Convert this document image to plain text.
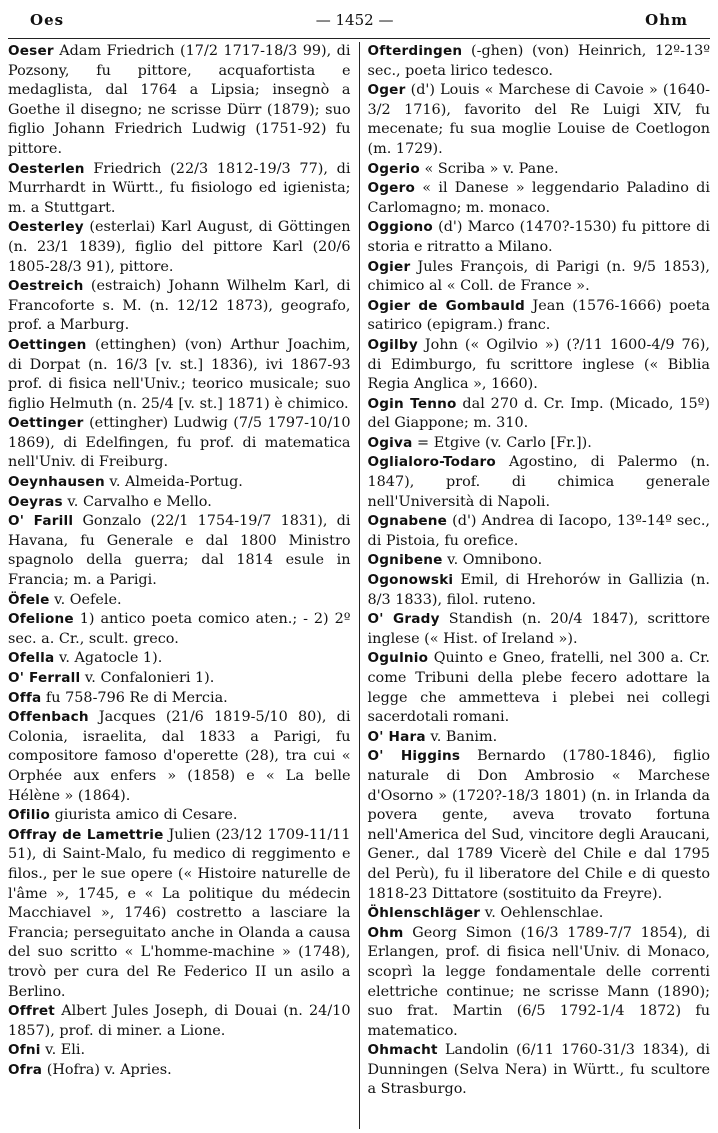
Oes	— 1452 —	Ohm

Oeser Adam Friedrich (17/2 1717-18/3 99), di Pozsony, fu pittore, acquafortista e medaglista, dal 1764 a Lipsia; insegnò a Goethe il disegno; ne scrisse Dürr (1879); suo figlio Johann Friedrich Ludwig (1751-92) fu pittore.

Oesterlen Friedrich (22/3 1812-19/3 77), di Murrhardt in Württ., fu fisiologo ed igienista; m. a Stuttgart.

Oesterley (esterlai) Karl August, di Göttingen (n. 23/1 1839), figlio del pittore Karl (20/6 1805-28/3 91), pittore.

Oestreich (estraich) Johann Wilhelm Karl, di Francoforte s. M. (n. 12/12 1873), geografo, prof. a Marburg.

Oettingen (ettinghen) (von) Arthur Joachim, di Dorpat (n. 16/3 [v. st.] 1836), ivi 1867-93 prof. di fisica nell'Univ.; teorico musicale; suo figlio Helmuth (n. 25/4 [v. st.] 1871) è chimico.

Oettinger (ettingher) Ludwig (7/5 1797-10/10 1869), di Edelfingen, fu prof. di matematica nell'Univ. di Freiburg.

Oeynhausen v. Almeida-Portug.

Oeyras v. Carvalho e Mello.

O' Farill Gonzalo (22/1 1754-19/7 1831), di Havana, fu Generale e dal 1800 Ministro spagnolo della guerra; dal 1814 esule in Francia; m. a Parigi.

Öfele v. Oefele.

Ofelione 1) antico poeta comico aten.; - 2) 2º sec. a. Cr., scult. greco.

Ofella v. Agatocle 1).

O' Ferrall v. Confalonieri 1).

Offa fu 758-796 Re di Mercia.

Offenbach Jacques (21/6 1819-5/10 80), di Colonia, israelita, dal 1833 a Parigi, fu compositore famoso d'operette (28), tra cui « Orphée aux enfers » (1858) e « La belle Hélène » (1864).

Ofilio giurista amico di Cesare.

Offray de Lamettrie Julien (23/12 1709-11/11 51), di Saint-Malo, fu medico di reggimento e filos., per le sue opere (« Histoire naturelle de l'âme », 1745, e « La politique du médecin Macchiavel », 1746) costretto a lasciare la Francia; perseguitato anche in Olanda a causa del suo scritto « L'homme-machine » (1748), trovò per cura del Re Federico II un asilo a Berlino.

Offret Albert Jules Joseph, di Douai (n. 24/10 1857), prof. di miner. a Lione.

Ofni v. Eli.

Ofra (Hofra) v. Apries.

Ofterdingen (-ghen) (von) Heinrich, 12º-13º sec., poeta lirico tedesco.

Oger (d') Louis « Marchese di Cavoie » (1640-3/2 1716), favorito del Re Luigi XIV, fu mecenate; fu sua moglie Louise de Coetlogon (m. 1729).

Ogerio « Scriba » v. Pane.

Ogero « il Danese » leggendario Paladino di Carlomagno; m. monaco.

Oggiono (d') Marco (1470?-1530) fu pittore di storia e ritratto a Milano.

Ogier Jules François, di Parigi (n. 9/5 1853), chimico al « Coll. de France ».

Ogier de Gombauld Jean (1576-1666) poeta satirico (epigram.) franc.

Ogilby John (« Ogilvio ») (?/11 1600-4/9 76), di Edimburgo, fu scrittore inglese (« Biblia Regia Anglica », 1660).

Ogin Tenno dal 270 d. Cr. Imp. (Micado, 15º) del Giappone; m. 310.

Ogiva = Etgive (v. Carlo [Fr.]).

Oglialoro-Todaro Agostino, di Palermo (n. 1847), prof. di chimica generale nell'Università di Napoli.

Ognabene (d') Andrea di Iacopo, 13º-14º sec., di Pistoia, fu orefice.

Ognibene v. Omnibono.

Ogonowski Emil, di Hrehorów in Gallizia (n. 8/3 1833), filol. ruteno.

O' Grady Standish (n. 20/4 1847), scrittore inglese (« Hist. of Ireland »).

Ogulnio Quinto e Gneo, fratelli, nel 300 a. Cr. come Tribuni della plebe fecero adottare la legge che ammetteva i plebei nei collegi sacerdotali romani.

O' Hara v. Banim.

O' Higgins Bernardo (1780-1846), figlio naturale di Don Ambrosio « Marchese d'Osorno » (1720?-18/3 1801) (n. in Irlanda da povera gente, aveva trovato fortuna nell'America del Sud, vincitore degli Araucani, Gener., dal 1789 Vicerè del Chile e dal 1795 del Perù), fu il liberatore del Chile e di questo 1818-23 Dittatore (sostituito da Freyre).

Öhlenschläger v. Oehlenschlae.

Ohm Georg Simon (16/3 1789-7/7 1854), di Erlangen, prof. di fisica nell'Univ. di Monaco, scoprì la legge fondamentale delle correnti elettriche continue; ne scrisse Mann (1890); suo frat. Martin (6/5 1792-1/4 1872) fu matematico.

Ohmacht Landolin (6/11 1760-31/3 1834), di Dunningen (Selva Nera) in Württ., fu scultore a Strasburgo.
